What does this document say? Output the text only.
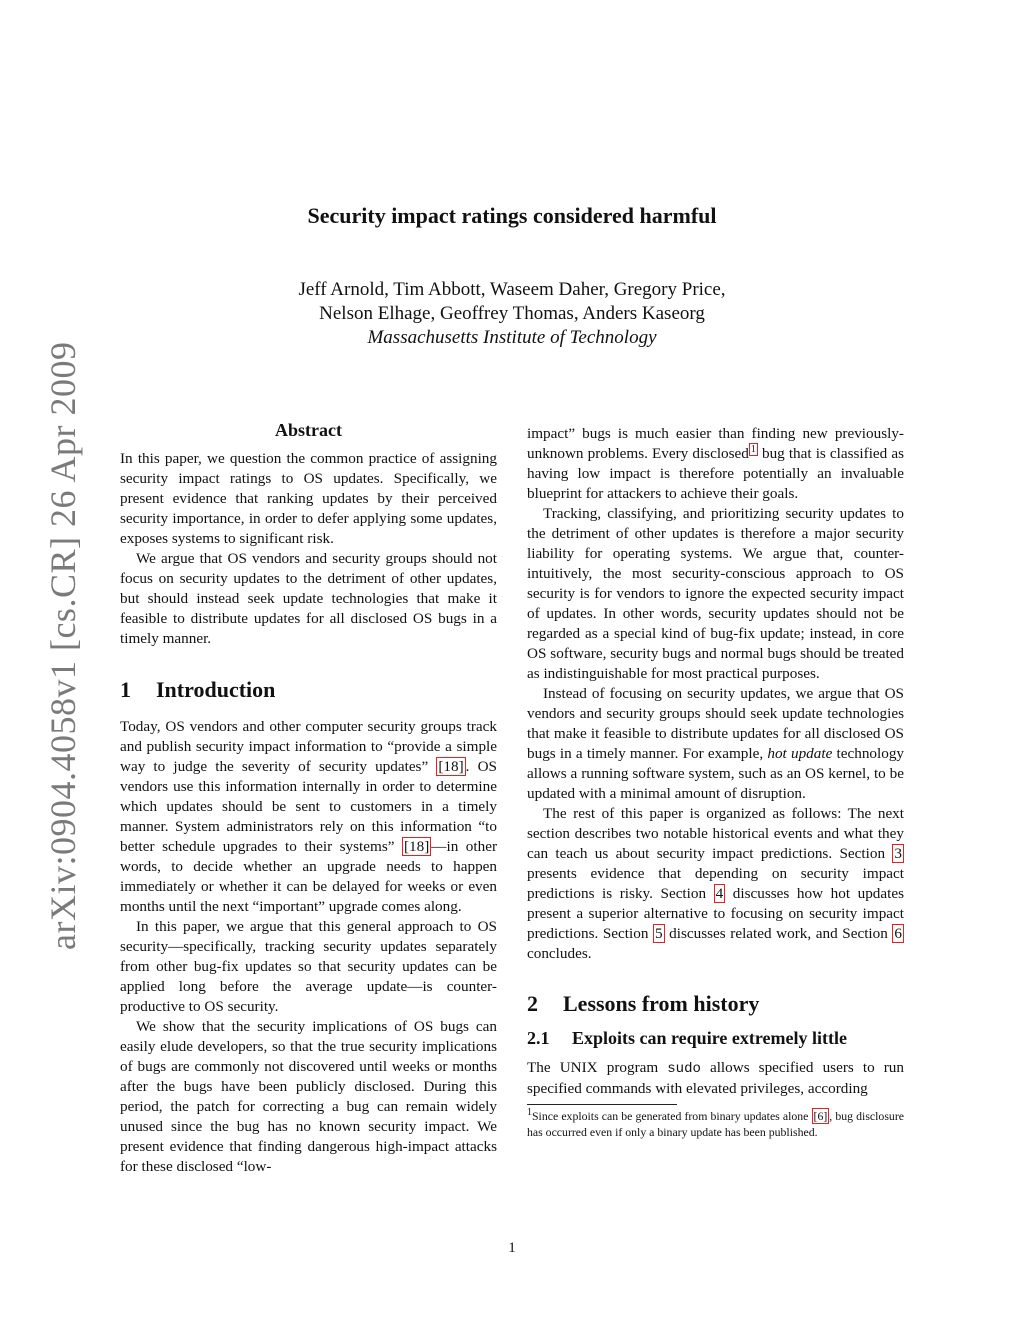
arXiv:0904.4058v1 [cs.CR] 26 Apr 2009
Security impact ratings considered harmful
Jeff Arnold, Tim Abbott, Waseem Daher, Gregory Price,
Nelson Elhage, Geoffrey Thomas, Anders Kaseorg
Massachusetts Institute of Technology
Abstract

In this paper, we question the common practice of assigning security impact ratings to OS updates. Specifically, we present evidence that ranking updates by their perceived security importance, in order to defer applying some updates, exposes systems to significant risk.

We argue that OS vendors and security groups should not focus on security updates to the detriment of other updates, but should instead seek update technologies that make it feasible to distribute updates for all disclosed OS bugs in a timely manner.

1 Introduction

Today, OS vendors and other computer security groups track and publish security impact information to “provide a simple way to judge the severity of security updates” [18] . OS vendors use this information internally in order to determine which updates should be sent to customers in a timely manner. System administrators rely on this information “to better schedule upgrades to their systems” [18] —in other words, to decide whether an upgrade needs to happen immediately or whether it can be delayed for weeks or even months until the next “important” upgrade comes along.

In this paper, we argue that this general approach to OS security—specifically, tracking security updates separately from other bug-fix updates so that security updates can be applied long before the average update—is counter-productive to OS security.

We show that the security implications of OS bugs can easily elude developers, so that the true security implications of bugs are commonly not discovered until weeks or months after the bugs have been publicly disclosed. During this period, the patch for correcting a bug can remain widely unused since the bug has no known security impact. We present evidence that finding dangerous high-impact attacks for these disclosed “low-

impact” bugs is much easier than finding new previously-unknown problems. Every disclosed $^1$ bug that is classified as having low impact is therefore potentially an invaluable blueprint for attackers to achieve their goals.

Tracking, classifying, and prioritizing security updates to the detriment of other updates is therefore a major security liability for operating systems. We argue that, counter-intuitively, the most security-conscious approach to OS security is for vendors to ignore the expected security impact of updates. In other words, security updates should not be regarded as a special kind of bug-fix update; instead, in core OS software, security bugs and normal bugs should be treated as indistinguishable for most practical purposes.

Instead of focusing on security updates, we argue that OS vendors and security groups should seek update technologies that make it feasible to distribute updates for all disclosed OS bugs in a timely manner. For example, hot update technology allows a running software system, such as an OS kernel, to be updated with a minimal amount of disruption.

The rest of this paper is organized as follows: The next section describes two notable historical events and what they can teach us about security impact predictions. Section 3 presents evidence that depending on security impact predictions is risky. Section 4 discusses how hot updates present a superior alternative to focusing on security impact predictions. Section 5 discusses related work, and Section 6 concludes.

2 Lessons from history
2.1 Exploits can require extremely little

The UNIX program sudo allows specified users to run specified commands with elevated privileges, according

$^1$Since exploits can be generated from binary updates alone [6] , bug disclosure has occurred even if only a binary update has been published.
1
